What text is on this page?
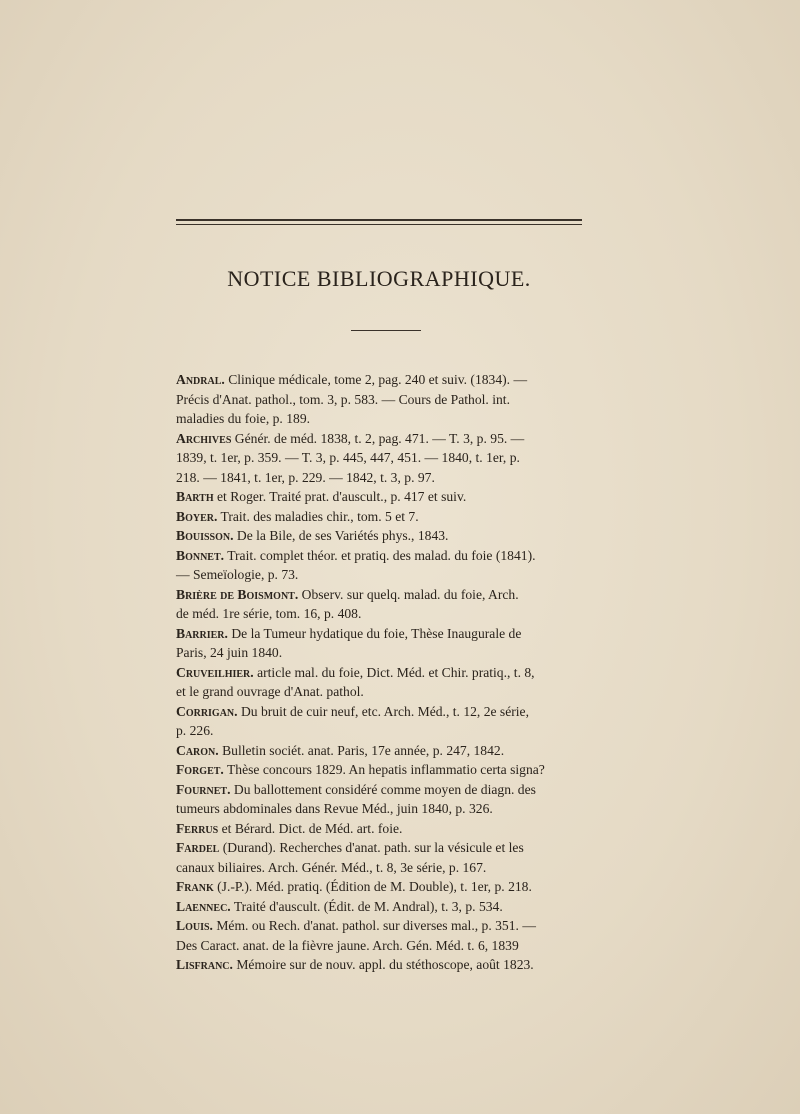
NOTICE BIBLIOGRAPHIQUE.

Andral. Clinique médicale, tome 2, pag. 240 et suiv. (1834). —
Précis d'Anat. pathol., tom. 3, p. 583. — Cours de Pathol. int.
maladies du foie, p. 189.

Archives Génér. de méd. 1838, t. 2, pag. 471. — T. 3, p. 95. —
1839, t. 1er, p. 359. — T. 3, p. 445, 447, 451. — 1840, t. 1er, p.
218. — 1841, t. 1er, p. 229. — 1842, t. 3, p. 97.

Barth et Roger. Traité prat. d'auscult., p. 417 et suiv.

Boyer. Trait. des maladies chir., tom. 5 et 7.

Bouisson. De la Bile, de ses Variétés phys., 1843.

Bonnet. Trait. complet théor. et pratiq. des malad. du foie (1841).
— Semeïologie, p. 73.

Brière de Boismont. Observ. sur quelq. malad. du foie, Arch.
de méd. 1re série, tom. 16, p. 408.

Barrier. De la Tumeur hydatique du foie, Thèse Inaugurale de
Paris, 24 juin 1840.

Cruveilhier. article mal. du foie, Dict. Méd. et Chir. pratiq., t. 8,
et le grand ouvrage d'Anat. pathol.

Corrigan. Du bruit de cuir neuf, etc. Arch. Méd., t. 12, 2e série,
p. 226.

Caron. Bulletin sociét. anat. Paris, 17e année, p. 247, 1842.

Forget. Thèse concours 1829. An hepatis inflammatio certa signa?

Fournet. Du ballottement considéré comme moyen de diagn. des
tumeurs abdominales dans Revue Méd., juin 1840, p. 326.

Ferrus et Bérard. Dict. de Méd. art. foie.

Fardel (Durand). Recherches d'anat. path. sur la vésicule et les
canaux biliaires. Arch. Génér. Méd., t. 8, 3e série, p. 167.

Frank (J.-P.). Méd. pratiq. (Édition de M. Double), t. 1er, p. 218.

Laennec. Traité d'auscult. (Édit. de M. Andral), t. 3, p. 534.

Louis. Mém. ou Rech. d'anat. pathol. sur diverses mal., p. 351. —
Des Caract. anat. de la fièvre jaune. Arch. Gén. Méd. t. 6, 1839

Lisfranc. Mémoire sur de nouv. appl. du stéthoscope, août 1823.
